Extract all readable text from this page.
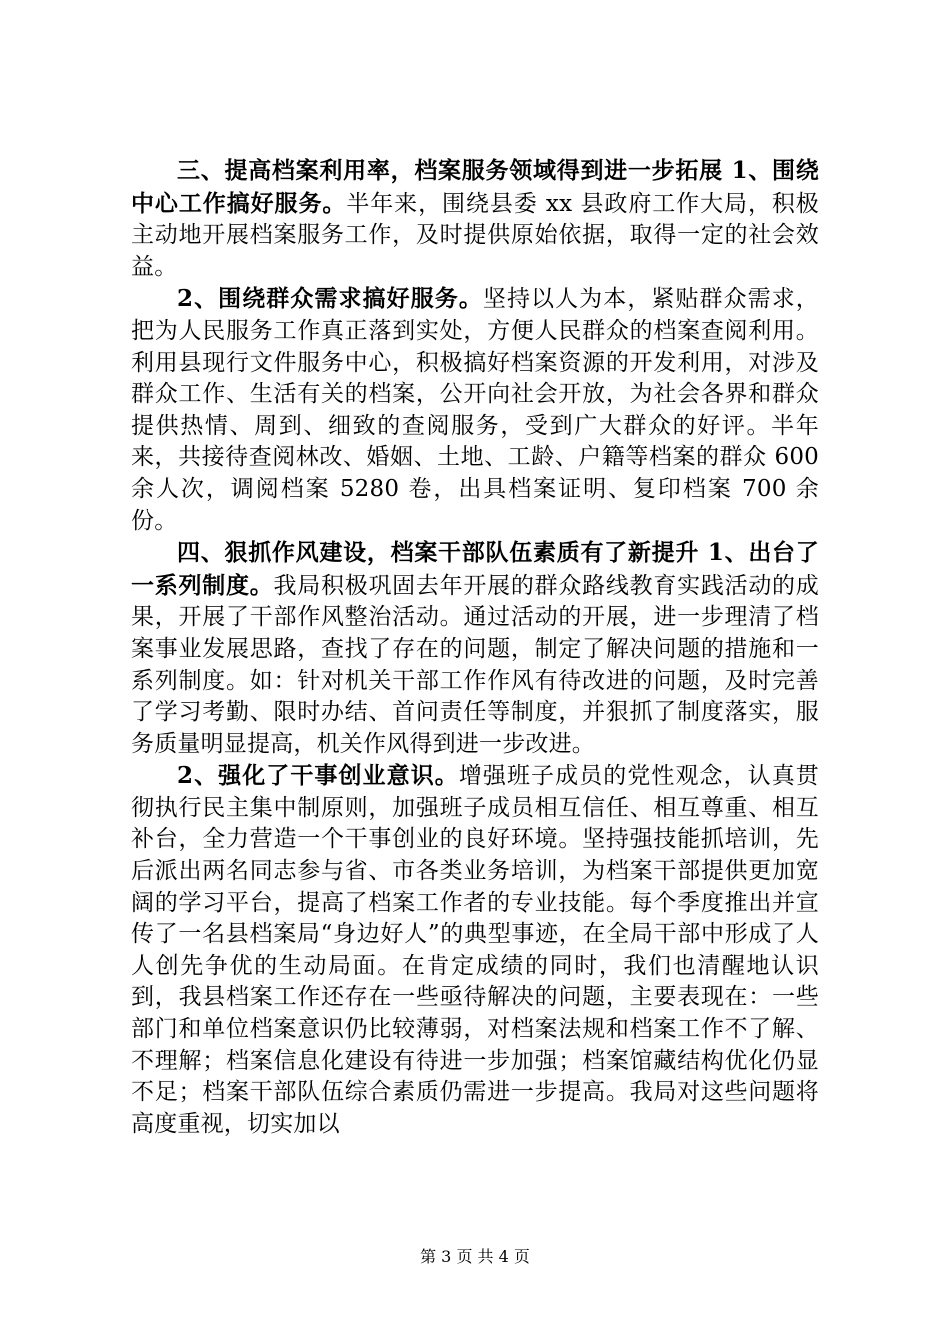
三、提高档案利用率，档案服务领域得到进一步拓展 1、围绕中心工作搞好服务。半年来，围绕县委 xx 县政府工作大局，积极主动地开展档案服务工作，及时提供原始依据，取得一定的社会效益。

2、围绕群众需求搞好服务。坚持以人为本，紧贴群众需求，把为人民服务工作真正落到实处，方便人民群众的档案查阅利用。利用县现行文件服务中心，积极搞好档案资源的开发利用，对涉及群众工作、生活有关的档案，公开向社会开放，为社会各界和群众提供热情、周到、细致的查阅服务，受到广大群众的好评。半年来，共接待查阅林改、婚姻、土地、工龄、户籍等档案的群众 600 余人次，调阅档案 5280 卷，出具档案证明、复印档案 700 余份。

四、狠抓作风建设，档案干部队伍素质有了新提升 1、出台了一系列制度。我局积极巩固去年开展的群众路线教育实践活动的成果，开展了干部作风整治活动。通过活动的开展，进一步理清了档案事业发展思路，查找了存在的问题，制定了解决问题的措施和一系列制度。如：针对机关干部工作作风有待改进的问题，及时完善了学习考勤、限时办结、首问责任等制度，并狠抓了制度落实，服务质量明显提高，机关作风得到进一步改进。

2、强化了干事创业意识。增强班子成员的党性观念，认真贯彻执行民主集中制原则，加强班子成员相互信任、相互尊重、相互补台，全力营造一个干事创业的良好环境。坚持强技能抓培训，先后派出两名同志参与省、市各类业务培训，为档案干部提供更加宽阔的学习平台，提高了档案工作者的专业技能。每个季度推出并宣传了一名县档案局“身边好人”的典型事迹，在全局干部中形成了人人创先争优的生动局面。在肯定成绩的同时，我们也清醒地认识到，我县档案工作还存在一些亟待解决的问题，主要表现在：一些部门和单位档案意识仍比较薄弱，对档案法规和档案工作不了解、不理解；档案信息化建设有待进一步加强；档案馆藏结构优化仍显不足；档案干部队伍综合素质仍需进一步提高。我局对这些问题将高度重视，切实加以

第 3 页 共 4 页
